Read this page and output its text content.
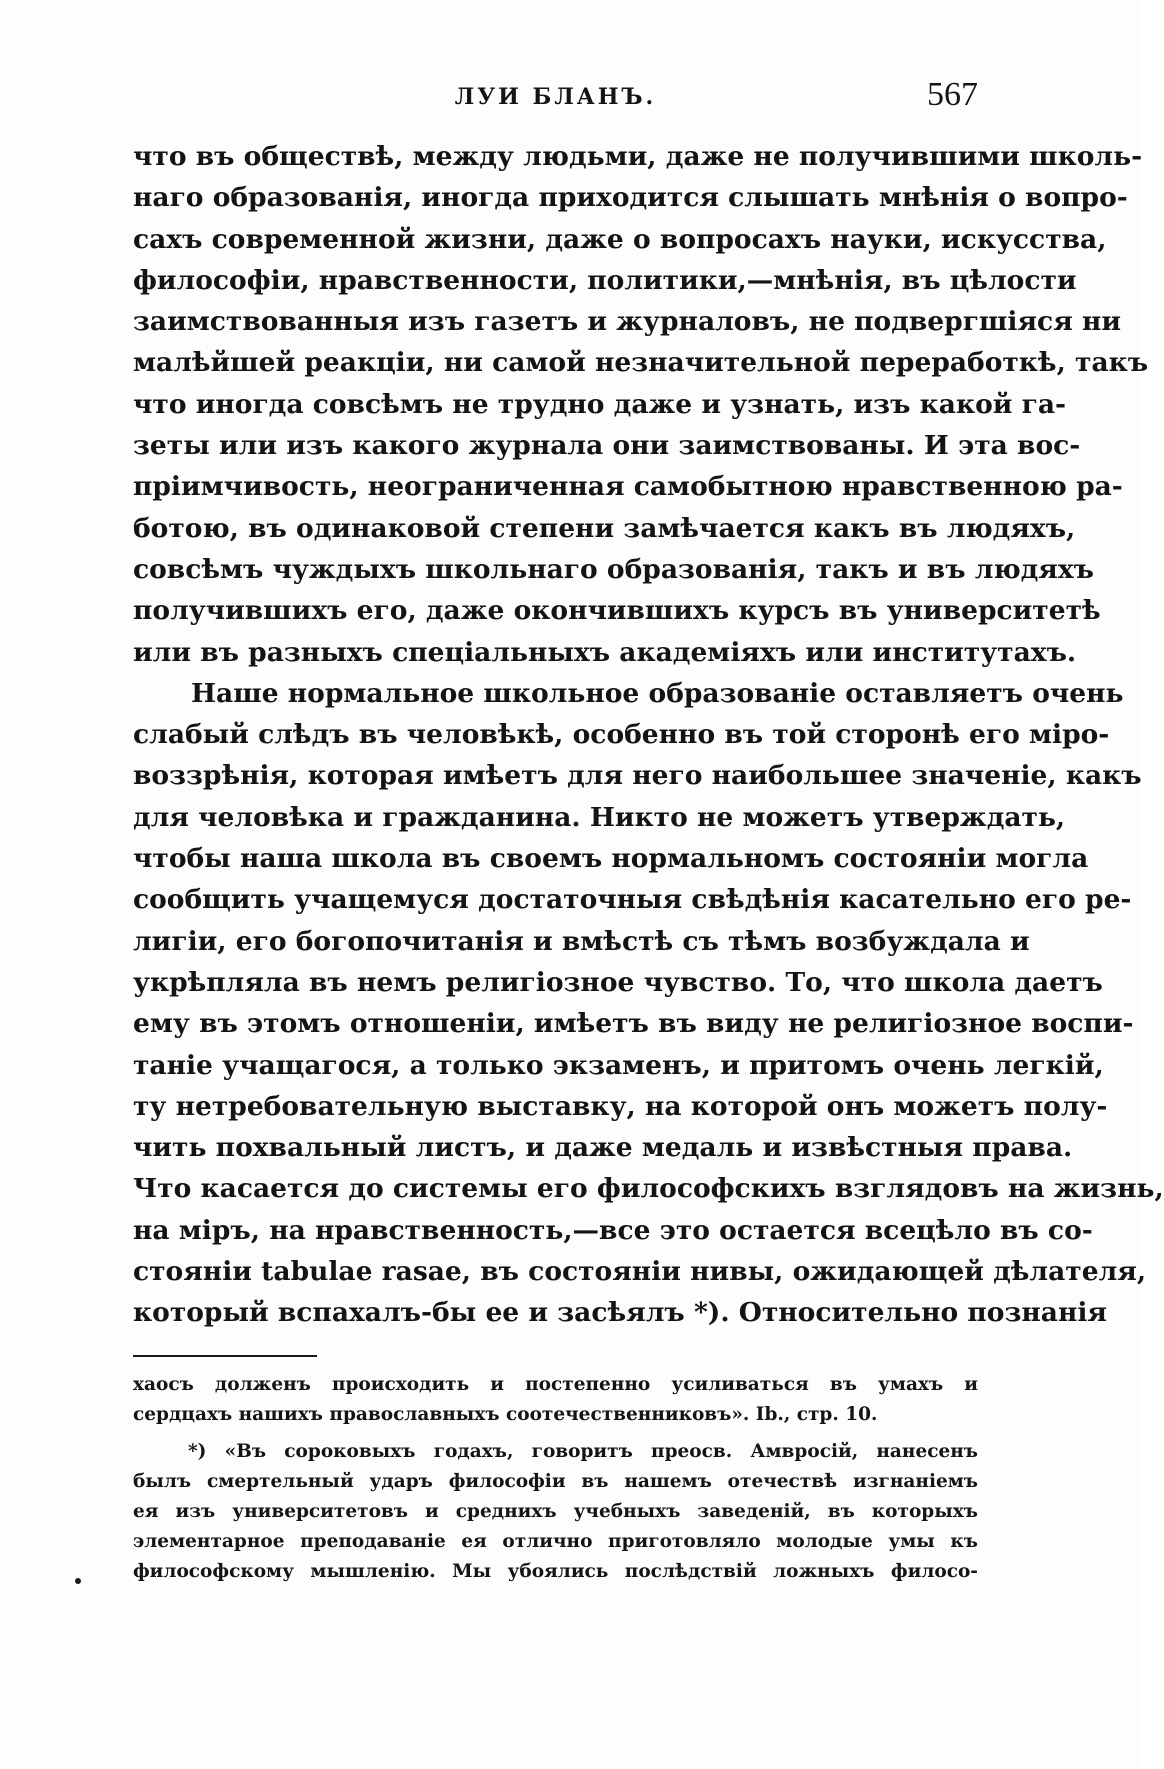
ЛУИ БЛАНЪ.	567
что въ обществѣ, между людьми, даже не получившими школь-
наго образованія, иногда приходится слышать мнѣнія о вопро-
сахъ современной жизни, даже о вопросахъ науки, искусства,
философіи, нравственности, политики,—мнѣнія, въ цѣлости
заимствованныя изъ газетъ и журналовъ, не подвергшіяся ни
малѣйшей реакціи, ни самой незначительной переработкѣ, такъ
что иногда совсѣмъ не трудно даже и узнать, изъ какой га-
зеты или изъ какого журнала они заимствованы. И эта вос-
пріимчивость, неограниченная самобытною нравственною ра-
ботою, въ одинаковой степени замѣчается какъ въ людяхъ,
совсѣмъ чуждыхъ школьнаго образованія, такъ и въ людяхъ
получившихъ его, даже окончившихъ курсъ въ университетѣ
или въ разныхъ спеціальныхъ академіяхъ или институтахъ.
Наше нормальное школьное образованіе оставляетъ очень
слабый слѣдъ въ человѣкѣ, особенно въ той сторонѣ его міро-
воззрѣнія, которая имѣетъ для него наибольшее значеніе, какъ
для человѣка и гражданина. Никто не можетъ утверждать,
чтобы наша школа въ своемъ нормальномъ состояніи могла
сообщить учащемуся достаточныя свѣдѣнія касательно его ре-
лигіи, его богопочитанія и вмѣстѣ съ тѣмъ возбуждала и
укрѣпляла въ немъ религіозное чувство. То, что школа даетъ
ему въ этомъ отношеніи, имѣетъ въ виду не религіозное воспи-
таніе учащагося, а только экзаменъ, и притомъ очень легкій,
ту нетребовательную выставку, на которой онъ можетъ полу-
чить похвальный листъ, и даже медаль и извѣстныя права.
Что касается до системы его философскихъ взглядовъ на жизнь,
на міръ, на нравственность,—все это остается всецѣло въ со-
стояніи tabulae rasae, въ состояніи нивы, ожидающей дѣлателя,
который вспахалъ-бы ее и засѣялъ *). Относительно познанія
хаосъ долженъ происходить и постепенно усиливаться въ умахъ и
сердцахъ нашихъ православныхъ соотечественниковъ». Ib., стр. 10.
*) «Въ сороковыхъ годахъ, говоритъ преосв. Амвросій, нанесенъ
былъ смертельный ударъ философіи въ нашемъ отечествѣ изгнаніемъ
ея изъ университетовъ и среднихъ учебныхъ заведеній, въ которыхъ
элементарное преподаваніе ея отлично приготовляло молодые умы къ
философскому мышленію. Мы убоялись послѣдствій ложныхъ филосо-
